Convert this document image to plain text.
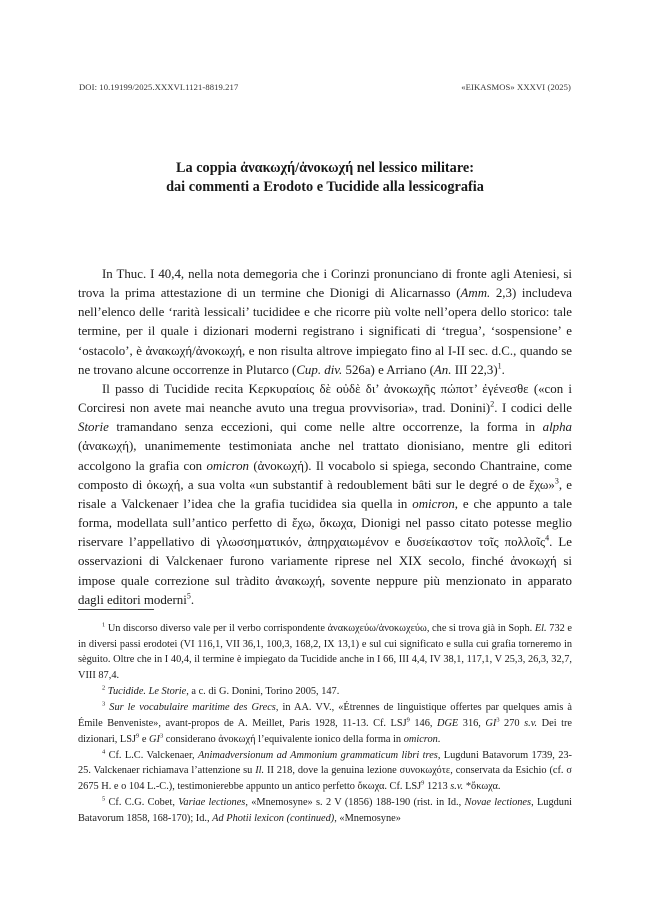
DOI: 10.19199/2025.XXXVI.1121-8819.217	«EIKASMOS» XXXVI (2025)
La coppia ἀνακωχή/ἀνοκωχή nel lessico militare:
dai commenti a Erodoto e Tucidide alla lessicografia

In Thuc. I 40,4, nella nota demegoria che i Corinzi pronunciano di fronte agli Ateniesi, si trova la prima attestazione di un termine che Dionigi di Alicarnasso (Amm. 2,3) includeva nell’elenco delle ‘rarità lessicali’ tucididee e che ricorre più volte nell’opera dello storico: tale termine, per il quale i dizionari moderni registrano i significati di ‘tregua’, ‘sospensione’ e ‘ostacolo’, è ἀνακωχή/ἀνοκωχή, e non risulta altrove impiegato fino al I-II sec. d.C., quando se ne trovano alcune occorrenze in Plutarco (Cup. div. 526a) e Arriano (An. III 22,3)$^1$.

Il passo di Tucidide recita Κερκυραίοις δὲ οὐδὲ δι’ ἀνοκωχῆς πώποτ’ ἐγένεσθε («con i Corciresi non avete mai neanche avuto una tregua provvisoria», trad. Donini)$^2$. I codici delle Storie tramandano senza eccezioni, qui come nelle altre occorrenze, la forma in alpha (ἀνακωχή), unanimemente testimoniata anche nel trattato dionisiano, mentre gli editori accolgono la grafia con omicron (ἀνοκωχή). Il vocabolo si spiega, secondo Chantraine, come composto di ὀκωχή, a sua volta «un substantif à redoublement bâti sur le degré o de ἔχω»$^3$, e risale a Valckenaer l’idea che la grafia tucididea sia quella in omicron, e che appunto a tale forma, modellata sull’antico perfetto di ἔχω, ὄκωχα, Dionigi nel passo citato potesse meglio riservare l’appellativo di γλωσσηματικόν, ἀπηρχαιωμένον e δυσείκαστον τοῖς πολλοῖς$^4$. Le osservazioni di Valckenaer furono variamente riprese nel XIX secolo, finché ἀνοκωχή si impose quale correzione sul tràdito ἀνακωχή, sovente neppure più menzionato in apparato dagli editori moderni$^5$.

$^1$ Un discorso diverso vale per il verbo corrispondente ἀνακωχεύω/ἀνοκωχεύω, che si trova già in Soph. El. 732 e in diversi passi erodotei (VI 116,1, VII 36,1, 100,3, 168,2, IX 13,1) e sul cui significato e sulla cui grafia torneremo in sèguito. Oltre che in I 40,4, il termine è impiegato da Tucidide anche in I 66, III 4,4, IV 38,1, 117,1, V 25,3, 26,3, 32,7, VIII 87,4.

$^2$ Tucidide. Le Storie, a c. di G. Donini, Torino 2005, 147.

$^3$ Sur le vocabulaire maritime des Grecs, in AA. VV., «Étrennes de linguistique offertes par quelques amis à Émile Benveniste», avant-propos de A. Meillet, Paris 1928, 11-13. Cf. LSJ$^9$ 146, DGE 316, $GI^3$ 270 s.v. Dei tre dizionari, LSJ$^9$ e $GI^3$ considerano ἀνοκωχή l’equivalente ionico della forma in omicron.

$^4$ Cf. L.C. Valckenaer, Animadversionum ad Ammonium grammaticum libri tres, Lugduni Batavorum 1739, 23-25. Valckenaer richiamava l’attenzione su Il. II 218, dove la genuina lezione συνοκωχότε, conservata da Esichio (cf. σ 2675 H. e ο 104 L.-C.), testimonierebbe appunto un antico perfetto ὄκωχα. Cf. LSJ$^9$ 1213 s.v. *ὄκωχα.

$^5$ Cf. C.G. Cobet, Variae lectiones, «Mnemosyne» s. 2 V (1856) 188-190 (rist. in Id., Novae lectiones, Lugduni Batavorum 1858, 168-170); Id., Ad Photii lexicon (continued), «Mnemosyne»
